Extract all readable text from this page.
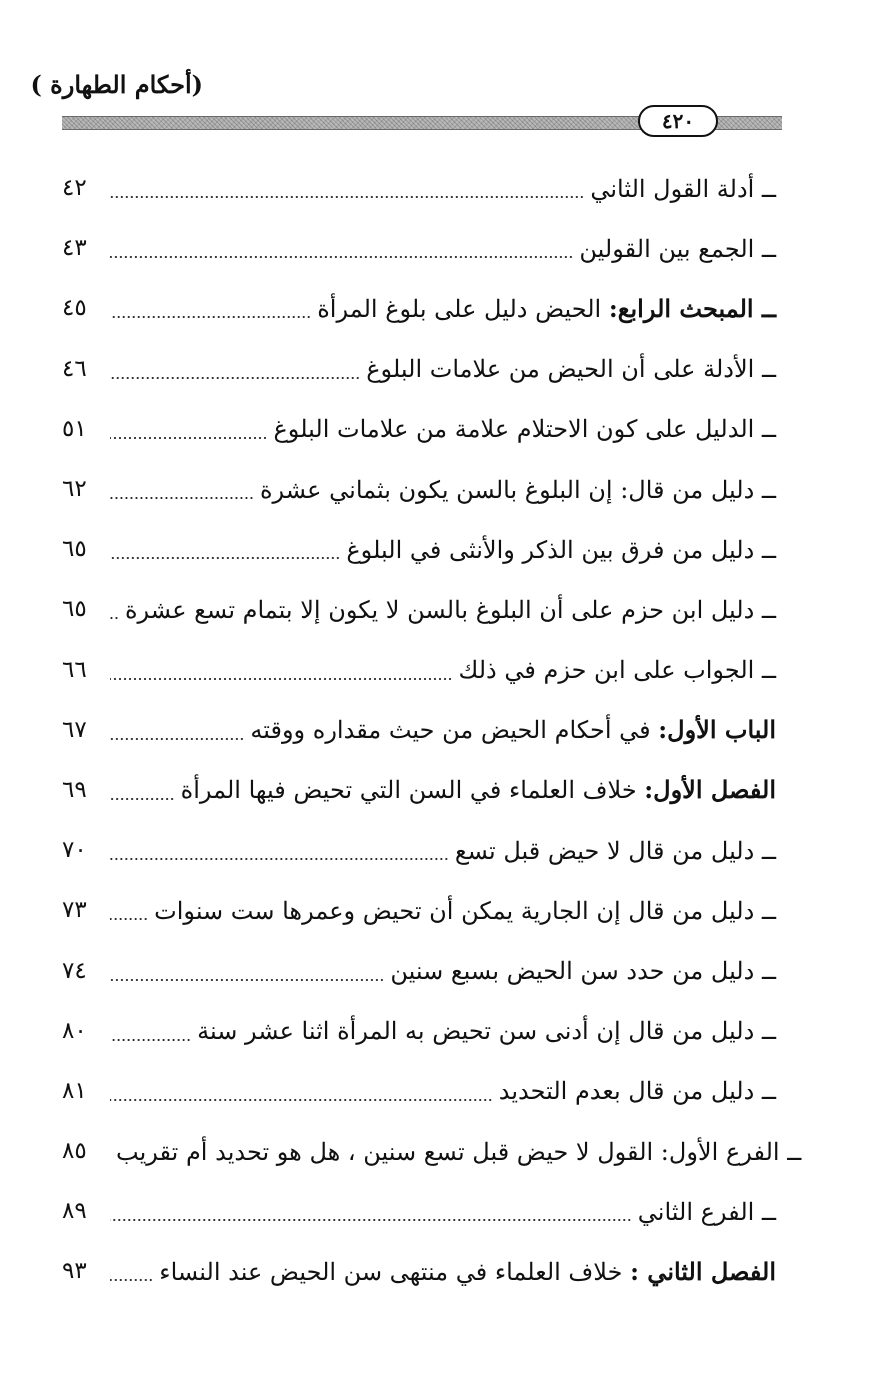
(أحكام الطهارة )
٤٢٠
٤٢	ــ أدلة القول الثاني
٤٣	ــ الجمع بين القولين
٤٥	ــ المبحث الرابع: الحيض دليل على بلوغ المرأة
٤٦	ــ الأدلة على أن الحيض من علامات البلوغ
٥١	ــ الدليل على كون الاحتلام علامة من علامات البلوغ
٦٢	ــ دليل من قال: إن البلوغ بالسن يكون بثماني عشرة
٦٥	ــ دليل من فرق بين الذكر والأنثى في البلوغ
٦٥	ــ دليل ابن حزم على أن البلوغ بالسن لا يكون إلا بتمام تسع عشرة
٦٦	ــ الجواب على ابن حزم في ذلك
٦٧	الباب الأول: في أحكام الحيض من حيث مقداره ووقته
٦٩	الفصل الأول: خلاف العلماء في السن التي تحيض فيها المرأة
٧٠	ــ دليل من قال لا حيض قبل تسع
٧٣	ــ دليل من قال إن الجارية يمكن أن تحيض وعمرها ست سنوات
٧٤	ــ دليل من حدد سن الحيض بسبع سنين
٨٠	ــ دليل من قال إن أدنى سن تحيض به المرأة اثنا عشر سنة
٨١	ــ دليل من قال بعدم التحديد
٨٥	ــ الفرع الأول: القول لا حيض قبل تسع سنين ، هل هو تحديد أم تقريب
٨٩	ــ الفرع الثاني
٩٣	الفصل الثاني : خلاف العلماء في منتهى سن الحيض عند النساء
